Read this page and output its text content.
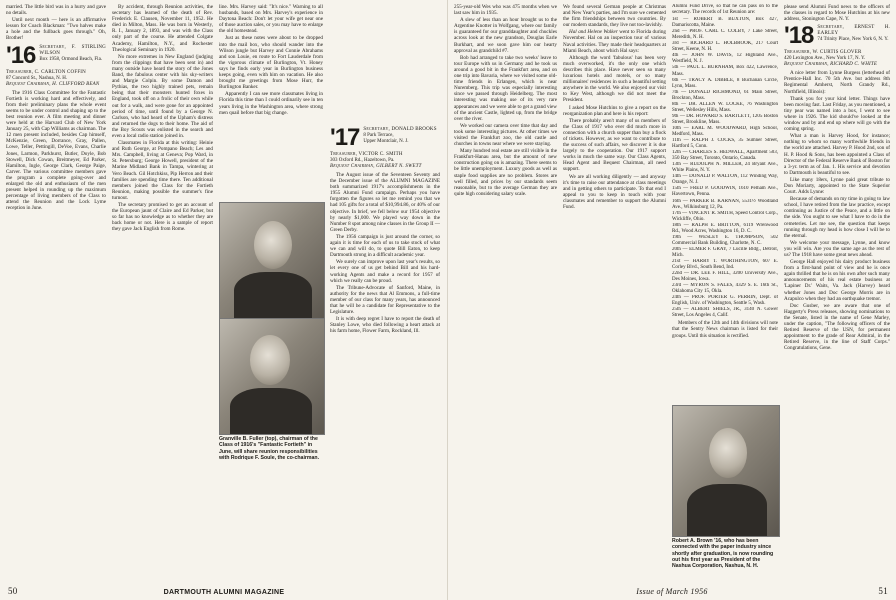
married. The little bird was in a hurry and gave no details.

Until next month — here is an affirmative lesson for Coach Blackman: "Two halves make a hole and the fullback goes through." Oh, Brother!

'16 Secretary, F. STIRLING WILSON
Box 1958, Ormond Beach, Fla.
Treasurer, C. CARLTON COFFIN
87 Concord St., Nashua, N. H.
Bequest Chairman, H. CLIFFORD BEAN

The 1916 Class Committee for the Fantastic Fortieth is working hard and effectively, and from their preliminary plans the whole event seems to be under control and shaping up to the best reunion ever. A film meeting and dinner were held at the Harvard Club of New York January 25, with Cap Williams as chairman. The 12 men present included, besides Cap himself, McKenzie, Green, Dorrance, Gray, Pallen, Lowe, Teller, Pettingill, DeVoe, Evans, Charlie Jones, Larmon, Parkhurst, Butler, Doyle, Bob Stowell, Dick Cowan, Breitmeyer, Ed Parker, Hamilton, Ingle, George Clark, George Paige, Carver. The various committee members gave the program a complete going-over and enlarged the old and enthusiasm of the men present helped in rounding up the maximum percentage of living members of the Class to attend the Reunion and the Lock Lyme reception in June.

By accident, through Reunion activities, the secretary has learned of the death of Rev. Frederick E. Clausen, November 11, 1952. He died in Milton, Mass. He was born in Westerly, R. I., January 2, 1893, and was with the Class only part of the course. He attended Colgate Academy, Hamilton, N.Y., and Rochester Theological Seminary in 1920.

No more extremes in New England (judging from the clippings that have been sent in) and many outside have heard the story of the Jones Band, the fabulous center with his sky-writers and Margie Colpin. By some Damon and Pythias, the two highly trained pets, remain being that their monsters hunted foxes in England, took off on a frolic of their own while out for a walk, and were gone for an appointed period of time, until found by a George N. Carlson, who had heard of the Upham's distress and returned the dogs to their home. The aid of the Boy Scouts was enlisted in the search and even a local radio station joined in.

Classmates in Florida at this writing: Heinie and Ruth George, at Pompano Beach; Les and Mrs. Campbell, living at Geneva; Pop Ward, in St. Petersburg; George Howell, president of the Marine Midland Bank in Tampa, wintering at Vero Beach. Gil Hotchkiss, Pip Herron and their families are spending time there. Ten additional members joined the Class for the Fortieth Reunion, making possible the summer's fine turnout.

The secretary promised to get an account of the European jaunt of Claire and Ed Parker, but so far has no knowledge as to whether they are back home or not. Here is a sample of report they gave Jack English from Rome.

line. Mrs. Harvey said: "It's nice." Warning to all husbands, based on Mrs. Harvey's experience in Daytona Beach: Don't let your wife get near one of those auction sales, or you may have to enlarge the old homestead.

Just as these notes were about to be dropped into the mail box, who should wander into the Wilson jungle but Harvey and Connie Abrahams and son Louie, en route to Fort Lauderdale from the vigorous climate of Burlington, Vt. Honey says he finds early year in Burlington business keeps going, even with him on vacation. He also brought me greetings from Mose Hurr, the Burlington Banker.

Apparently I can see more classmates living in Florida this time than I could ordinarily see in ten years living in the Washington area, where strong men quail before that big change.

Granville B. Fuller (top), chairman of the Class of 1916's "Fantastic Fortieth" in June, will share reunion responsibilities with Rodrique F. Soule, the co-chairman.
'17 Secretary, DONALD BROOKS
8 Park Terrace,
Upper Montclair, N. J.
Treasurer, VICTOR C. SMITH
303 Oxford Rd., Hazeltown, Pa.
Bequest Chairman, GILBERT N. SWETT

The August issue of the Seventeen Seventy and the December issue of the ALUMNI MAGAZINE both summarized 1917's accomplishments in the 1955 Alumni Fund campaign. Perhaps you have forgotten the figures so let me remind you that we had 105 gifts for a total of $10,994.86, or 40% of our objective. In brief, we fell below our 1954 objective by nearly $1,000. We played way down in the Number 8 spot among nine classes in the Group II — Green Derby.

The 1956 campaign is just around the corner, so again it is time for each of us to take stock of what we can and will do, to quote Bill Eaton, to keep Dartmouth strong in a difficult academic year.

We surely can improve upon last year's results, so let every one of us get behind Bill and his hard-working Agents and make a record for 1957 of which we really can be proud.

The Tribune-Advocate of Sanford, Maine, in authority for the news that Al Emmons, a full-time member of our class for many years, has announced that he will be a candidate for Representative to the Legislature.

It is with deep regret I have to report the death of Stanley Lowe, who died following a heart attack at his farm home, Flower Farm, Rockland, Ill.

50	DARTMOUTH ALUMNI MAGAZINE

255-year-old Wes who was 475 months when we last saw him in 1935.

A slew of less than an hour brought us to the Argentine Knotter in Wolfgang, where our family is guaranteed for our granddaughter and chuckles across look at the new grandson, Douglas Earle Burkhart, and we soon gave him our hearty approval as grandchild #7.

Bob had arranged to take two weeks' leave to tour Europe with us in Germany and he took us around a good bit in the Frankfurt area, and on one trip into Bavaria, where we visited some old-time friends in Erlangen, which is near Nuremberg. This trip was especially interesting since we passed through Heidelberg. The most interesting was making use of its very rare appearances and we were able to get a grand view of the ancient Castle, lighted up, from the bridge over the river.

We worked our camera over time that day and took some interesting pictures. At other times we visited the Frankfurt zoo, the old castle and churches in towns near where we were staying.

Many hundred real estate are still visible in the Frankfurt-Hanau area, but the amount of new construction going on is amazing. There seems to be little unemployment. Luxury goods as well as staple food supplies are no problem. Stores are well filled, and prices by our standards seem reasonable, but to the average German they are quite high considering salary scale.

We found several German people at Christmas and New Year's parties, and I'm sure we cemented the firm friendships between two countries. By our modern standards, they live not too-lavishly.

Hal and Helene Walker went to Florida during November. Hal on an inspection tour of various Naval activities. They made their headquarters at Miami Beach, about which Hal says:

Although the word 'fabulous' has been very much overworked, it's the only one which describes this place. Have never seen so many luxurious hotels and motels, or so many millionaires' residences in such a beautiful setting anywhere in the world. We also enjoyed our visit to Key West, although we did not meet the President.

I asked Mose Hutchins to give a report on the reorganization plan and here is his report:

There probably aren't many of us members of the Class of 1917 who ever did much more in connection with a church supper than buy a flock of tickets. However, as we want to contribute to the success of such affairs, we discover it is due largely to the cooperation. Our 1917 support works in much the same way. Our Class Agents, Head Agent and Bequest Chairman, all need support.

We are all working diligently — and anyway it's time to raise our attendance at class meetings and in getting others to participate. To that end I appeal to you to keep in touch with your classmates and remember to support the Alumni Fund.

Alumni Fund Drive, so that he can pass on to the secretary. The records of 1st Reunion are:

1st — ROBERT B. BUXTON, Box 427, Damariscotta, Maine.
2nd — PROF. CARL C. COLBY, 7 Lake Street, Meredith, N. H.
3rd — RICHARD L. HOLBROOK, 217 Court Street, Keene, N. H.
4th — JOHN W. DAVIS, 12 Highland Ave., Westfield, N. J.
5th — PAUL L. BURNHAM, Box 422, Lawrence, Mass.
6th — TRACY A. DIBBLE, 8 Buchanan Circle, Lynn, Mass.
7th — DONALD RICHMOND, 61 Main Street, Brockton, Mass.
8th — DR. ALLEN W. LOCKE, 76 Washington Street, Wellesley Hills, Mass.
9th — DR. HOWARD S. BARTLETT, 1205 Boston Street, Brookline, Mass.
10th — EARL M. WOODWARD, High School, Medford, Mass.
11th — RALPH J. COCKS, 35 Sumner Street, Hartford 5, Conn.
12th — CHARLES S. HEDWALL, Apartment 503, 350 Bay Street, Toronto, Ontario, Canada.
13th — RUDOLPH N. MILLER, 24 Bryant Ave., White Plains, N. Y.
14th — DONALD P. WALTON, 112 Winding Way, Orange, N. J.
15th — FRED P. GOODWIN, 1610 Pelham Ave., Havertown, Penna.
16th — PARKER B. KARNAN, 5531½ Woodland Ave., Wilkinsburg 12, Pa.
17th — VINCENT R. SMITH, Speed Control Corp., Wickliffe, Ohio.
18th — RALPH E. BRITTON, 6119 Wrenwood Rd., Wood Acres, Washington 16, D. C.
19th — WESLEY E. THOMPSON, 502 Commercial Bank Building, Charlotte, N. C.
20th — ELMER F. GRAY, 7 Lucille Bldg., Detroit, Mich.
21st — HARRY T. WORTHINGTON, 607 E. Corley Blvd., South Bend, Ind.
22nd — DR. LEE F. HILL, 3200 University Ave., Des Moines, Iowa.
23rd — MYRON S. FALES, 4329 S. E. 16th St., Oklahoma City 15, Okla.
24th — PROF. PORTER G. PERRIN, Dept. of English, Univ. of Washington, Seattle 5, Wash.
25th — ALBERT SHIELS, JR., 3140 N. Gower Street, Los Angeles 4, Calif.

Members of the 12th and 14th divisions will note that the Sentry News chairman is listed for their groups. Until this situation is rectified.

Robert A. Brown '16, who has been connected with the paper industry since shortly after graduation, is now rounding out his first year as President of the Nashua Corporation, Nashua, N. H.

please send Alumni Fund news to the officers of the classes in regard to Mose Hutchins at his new address, Stonington Cape, N. Y.

'18 Secretary, ERNEST H. EARLEY
74 Trinity Place, New York 6, N. Y.
Treasurer, W. CURTIS GLOVER
420 Lexington Ave., New York 17, N. Y.
Bequest Chairman, RICHARD C. WHITE

A nice letter from Lynne Burgess (letterhead of Prentice-Hall Inc. 70 5th Ave. but address 8th Regimental Amherst, North Grandy Rd., Northfield, Illinois):

Thank you for your kind letter. Things have been moving fast. Last Friday, as you mentioned, a tiny pear was named into a box, I went to see where in 1926. The kid should've looked at the window and by and end up where will go with the coming spring.

What a man is Harvey Hood, for instance; nothing to whom so many worthwhile friends in the world are attached. Harvey P. Hood 2nd, son of H. P. Hood & Sons, has been appointed a Class of Director of the Federal Reserve Bank of Boston for a 3-yr. term as of Jan. 1. His service and devotion to Dartmouth is beautiful to see.

Like many 18ers, Lynne paid great tribute to Don Moriarty, appointed to the State Superior Court. Adds Lynne:

Because of demands on my time in going to law school, I have retired from the law practice, except continuing as Justice of the Peace, and a little on the side. You ought to see what I have to do in the cemeteries. Let me see, the question that keeps running through my head is how close I will be to the eternal.

We welcome your message, Lynne, and know you will win. Are you the same age as the rest of us? The 1918 have some great news ahead.

George Hall enjoyed his dairy product business from a first-hand point of view and he is once again thrilled that he is on his own after such many announcements of his real estate business at 'Lapiner Dr.' Waits, Va. Jack (Harvey) heard whether Jones and Doc George Morris are in Acapulco when they had an earthquake tremor.

Doc Gusber, we are aware that one of Haggerty's Press releases, showing nominations to the Senate, listed in the name of Gene Marley, under the caption, "The following officers of the Retired Reserve of the USN, for permanent appointment to the grade of Rear Admiral, in the Retired Reserve, in the line of Staff Corps." Congratulations, Gene.

Issue of March 1956	51
